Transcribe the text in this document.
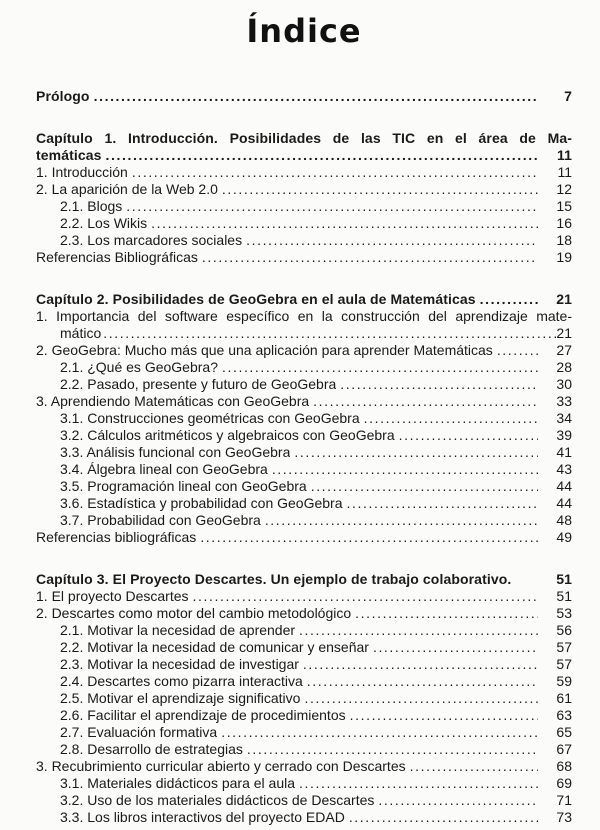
Índice
Prólogo .....	7
Capítulo 1. Introducción. Posibilidades de las TIC en el área de Ma-
temáticas .....	11
1. Introducción .....	11
2. La aparición de la Web 2.0 .....	12
2.1. Blogs .....	15
2.2. Los Wikis .....	16
2.3. Los marcadores sociales .....	18
Referencias Bibliográficas .....	19
Capítulo 2. Posibilidades de GeoGebra en el aula de Matemáticas .....	21
1. Importancia del software específico en la construcción del aprendizaje mate-
mático .....	21
2. GeoGebra: Mucho más que una aplicación para aprender Matemáticas .....	27
2.1. ¿Qué es GeoGebra? .....	28
2.2. Pasado, presente y futuro de GeoGebra .....	30
3. Aprendiendo Matemáticas con GeoGebra .....	33
3.1. Construcciones geométricas con GeoGebra .....	34
3.2. Cálculos aritméticos y algebraicos con GeoGebra .....	39
3.3. Análisis funcional con GeoGebra .....	41
3.4. Álgebra lineal con GeoGebra .....	43
3.5. Programación lineal con GeoGebra .....	44
3.6. Estadística y probabilidad con GeoGebra .....	44
3.7. Probabilidad con GeoGebra .....	48
Referencias bibliográficas .....	49
Capítulo 3. El Proyecto Descartes. Un ejemplo de trabajo colaborativo.	51
1. El proyecto Descartes .....	51
2. Descartes como motor del cambio metodológico .....	53
2.1. Motivar la necesidad de aprender .....	56
2.2. Motivar la necesidad de comunicar y enseñar .....	57
2.3. Motivar la necesidad de investigar .....	57
2.4. Descartes como pizarra interactiva .....	59
2.5. Motivar el aprendizaje significativo .....	61
2.6. Facilitar el aprendizaje de procedimientos .....	63
2.7. Evaluación formativa .....	65
2.8. Desarrollo de estrategias .....	67
3. Recubrimiento curricular abierto y cerrado con Descartes .....	68
3.1. Materiales didácticos para el aula .....	69
3.2. Uso de los materiales didácticos de Descartes .....	71
3.3. Los libros interactivos del proyecto EDAD .....	73
